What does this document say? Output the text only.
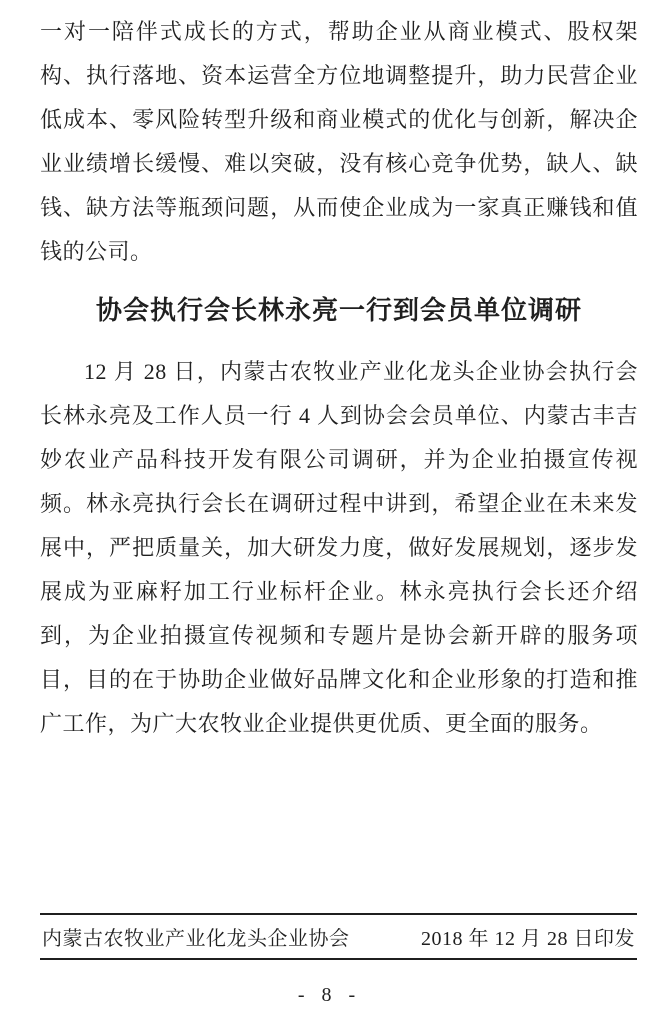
一对一陪伴式成长的方式，帮助企业从商业模式、股权架构、执行落地、资本运营全方位地调整提升，助力民营企业低成本、零风险转型升级和商业模式的优化与创新，解决企业业绩增长缓慢、难以突破，没有核心竞争优势，缺人、缺钱、缺方法等瓶颈问题，从而使企业成为一家真正赚钱和值钱的公司。

协会执行会长林永亮一行到会员单位调研

12 月 28 日，内蒙古农牧业产业化龙头企业协会执行会长林永亮及工作人员一行 4 人到协会会员单位、内蒙古丰吉妙农业产品科技开发有限公司调研，并为企业拍摄宣传视频。林永亮执行会长在调研过程中讲到，希望企业在未来发展中，严把质量关，加大研发力度，做好发展规划，逐步发展成为亚麻籽加工行业标杆企业。林永亮执行会长还介绍到，为企业拍摄宣传视频和专题片是协会新开辟的服务项目，目的在于协助企业做好品牌文化和企业形象的打造和推广工作，为广大农牧业企业提供更优质、更全面的服务。

内蒙古农牧业产业化龙头企业协会	2018 年 12 月 28 日印发
- 8 -
